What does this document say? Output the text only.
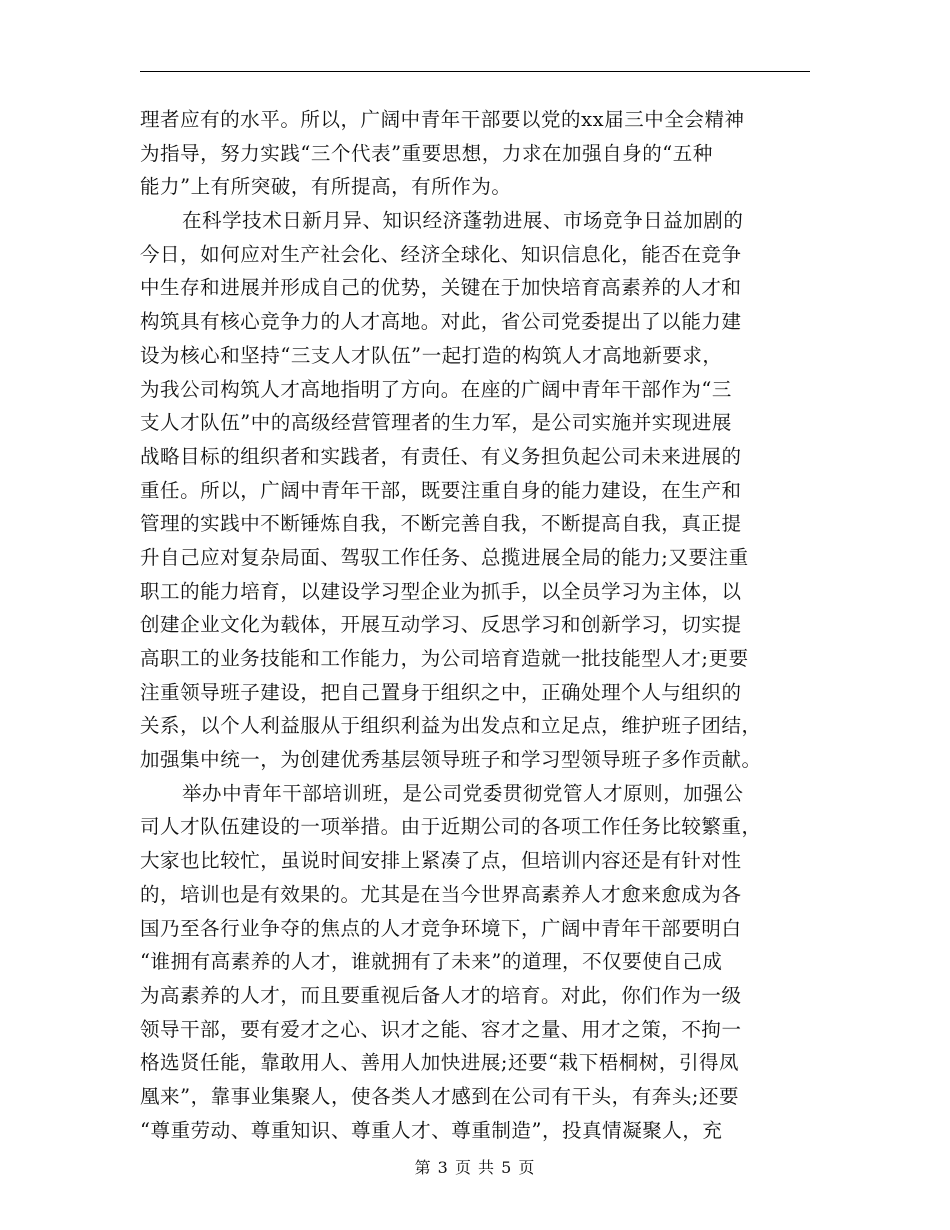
理者应有的水平。所以，广阔中青年干部要以党的xx届三中全会精神
为指导，努力实践“三个代表”重要思想，力求在加强自身的“五种
能力”上有所突破，有所提高，有所作为。
在科学技术日新月异、知识经济蓬勃进展、市场竞争日益加剧的
今日，如何应对生产社会化、经济全球化、知识信息化，能否在竞争
中生存和进展并形成自己的优势，关键在于加快培育高素养的人才和
构筑具有核心竞争力的人才高地。对此，省公司党委提出了以能力建
设为核心和坚持“三支人才队伍”一起打造的构筑人才高地新要求，
为我公司构筑人才高地指明了方向。在座的广阔中青年干部作为“三
支人才队伍”中的高级经营管理者的生力军，是公司实施并实现进展
战略目标的组织者和实践者，有责任、有义务担负起公司未来进展的
重任。所以，广阔中青年干部，既要注重自身的能力建设，在生产和
管理的实践中不断锤炼自我，不断完善自我，不断提高自我，真正提
升自己应对复杂局面、驾驭工作任务、总揽进展全局的能力;又要注重
职工的能力培育，以建设学习型企业为抓手，以全员学习为主体，以
创建企业文化为载体，开展互动学习、反思学习和创新学习，切实提
高职工的业务技能和工作能力，为公司培育造就一批技能型人才;更要
注重领导班子建设，把自己置身于组织之中，正确处理个人与组织的
关系，以个人利益服从于组织利益为出发点和立足点，维护班子团结，
加强集中统一，为创建优秀基层领导班子和学习型领导班子多作贡献。
举办中青年干部培训班，是公司党委贯彻党管人才原则，加强公
司人才队伍建设的一项举措。由于近期公司的各项工作任务比较繁重，
大家也比较忙，虽说时间安排上紧凑了点，但培训内容还是有针对性
的，培训也是有效果的。尤其是在当今世界高素养人才愈来愈成为各
国乃至各行业争夺的焦点的人才竞争环境下，广阔中青年干部要明白
“谁拥有高素养的人才，谁就拥有了未来”的道理，不仅要使自己成
为高素养的人才，而且要重视后备人才的培育。对此，你们作为一级
领导干部，要有爱才之心、识才之能、容才之量、用才之策，不拘一
格选贤任能，靠敢用人、善用人加快进展;还要“栽下梧桐树，引得凤
凰来”，靠事业集聚人，使各类人才感到在公司有干头，有奔头;还要
“尊重劳动、尊重知识、尊重人才、尊重制造”，投真情凝聚人，充
第 3 页 共 5 页
